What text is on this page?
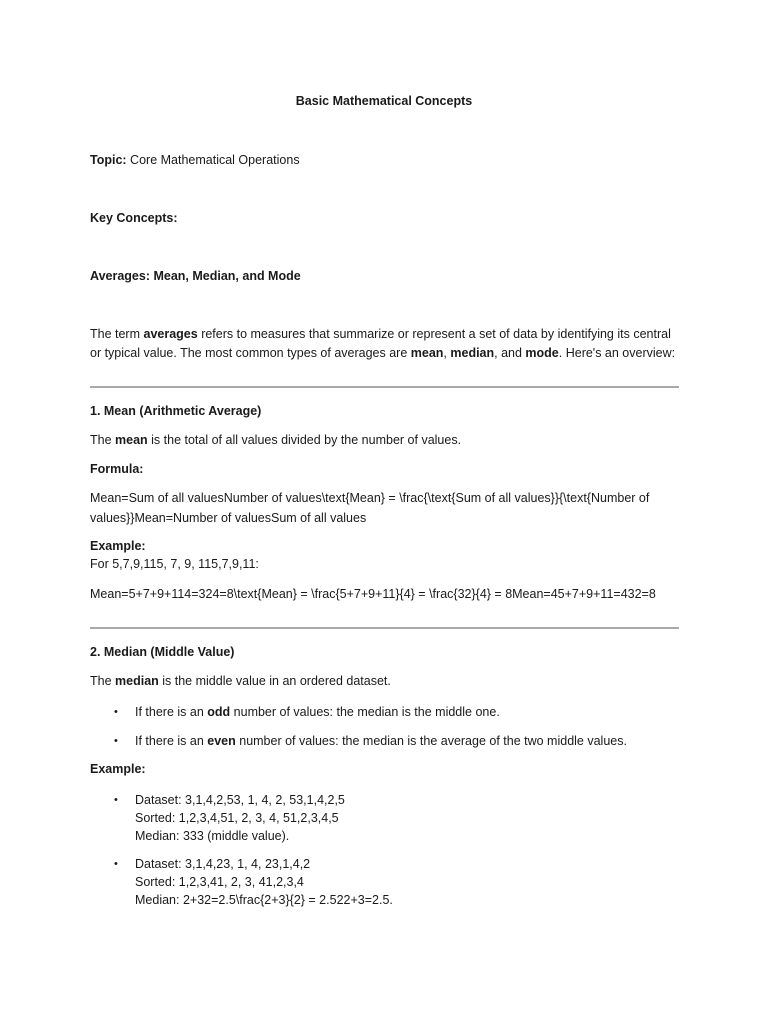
Basic Mathematical Concepts
Topic: Core Mathematical Operations
Key Concepts:
Averages: Mean, Median, and Mode
The term averages refers to measures that summarize or represent a set of data by identifying its central or typical value. The most common types of averages are mean, median, and mode. Here's an overview:
1. Mean (Arithmetic Average)
The mean is the total of all values divided by the number of values.
Formula:
Mean=Sum of all valuesNumber of values\text{Mean} = \frac{\text{Sum of all values}}{\text{Number of
values}}Mean=Number of valuesSum of all values
Example:
For 5,7,9,115, 7, 9, 115,7,9,11:
Mean=5+7+9+114=324=8\text{Mean} = \frac{5+7+9+11}{4} = \frac{32}{4} = 8Mean=45+7+9+11=432=8
2. Median (Middle Value)
The median is the middle value in an ordered dataset.
• If there is an odd number of values: the median is the middle one.
• If there is an even number of values: the median is the average of the two middle values.
Example:
• Dataset: 3,1,4,2,53, 1, 4, 2, 53,1,4,2,5
Sorted: 1,2,3,4,51, 2, 3, 4, 51,2,3,4,5
Median: 333 (middle value).
• Dataset: 3,1,4,23, 1, 4, 23,1,4,2
Sorted: 1,2,3,41, 2, 3, 41,2,3,4
Median: 2+32=2.5\frac{2+3}{2} = 2.522+3=2.5.
